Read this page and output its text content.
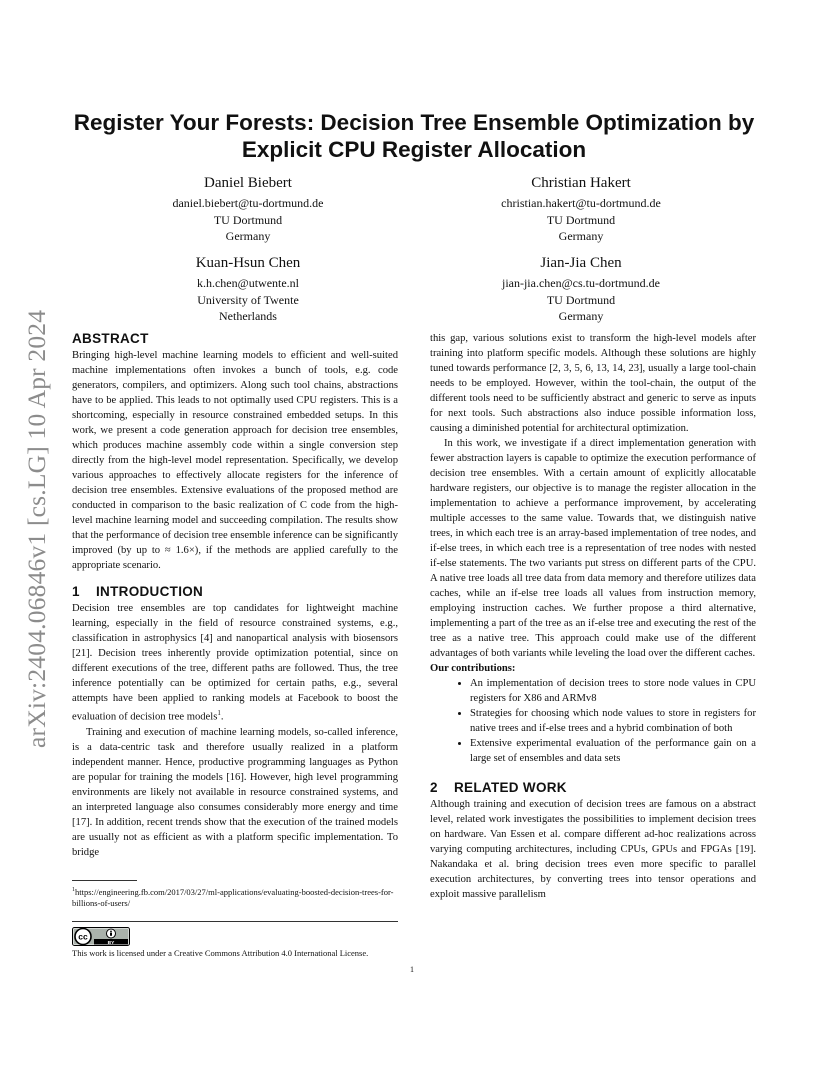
arXiv:2404.06846v1 [cs.LG] 10 Apr 2024
Register Your Forests: Decision Tree Ensemble Optimization by
Explicit CPU Register Allocation
Daniel Biebert
daniel.biebert@tu-dortmund.de
TU Dortmund
Germany
Christian Hakert
christian.hakert@tu-dortmund.de
TU Dortmund
Germany
Kuan-Hsun Chen
k.h.chen@utwente.nl
University of Twente
Netherlands
Jian-Jia Chen
jian-jia.chen@cs.tu-dortmund.de
TU Dortmund
Germany
ABSTRACT

Bringing high-level machine learning models to efficient and well-suited machine implementations often invokes a bunch of tools, e.g. code generators, compilers, and optimizers. Along such tool chains, abstractions have to be applied. This leads to not optimally used CPU registers. This is a shortcoming, especially in resource constrained embedded setups. In this work, we present a code generation approach for decision tree ensembles, which produces machine assembly code within a single conversion step directly from the high-level model representation. Specifically, we develop various approaches to effectively allocate registers for the inference of decision tree ensembles. Extensive evaluations of the proposed method are conducted in comparison to the basic realization of C code from the high-level machine learning model and succeeding compilation. The results show that the performance of decision tree ensemble inference can be significantly improved (by up to ≈ 1.6×), if the methods are applied carefully to the appropriate scenario.

1 INTRODUCTION

Decision tree ensembles are top candidates for lightweight machine learning, especially in the field of resource constrained systems, e.g., classification in astrophysics [4] and nanopartical analysis with biosensors [21]. Decision trees inherently provide optimization potential, since on different executions of the tree, different paths are followed. Thus, the tree inference potentially can be optimized for certain paths, e.g., several attempts have been applied to ranking models at Facebook to boost the evaluation of decision tree models$^1$.

Training and execution of machine learning models, so-called inference, is a data-centric task and therefore usually realized in a platform independent manner. Hence, productive programming languages as Python are popular for training the models [16]. However, high level programming environments are likely not available in resource constrained systems, and an interpreted language also consumes considerably more energy and time [17]. In addition, recent trends show that the execution of the trained models are usually not as efficient as with a platform specific implementation. To bridge

$^1$https://engineering.fb.com/2017/03/27/ml-applications/evaluating-boosted-decision-trees-for-billions-of-users/
cc
BY
This work is licensed under a Creative Commons Attribution 4.0 International License.

this gap, various solutions exist to transform the high-level models after training into platform specific models. Although these solutions are highly tuned towards performance [2, 3, 5, 6, 13, 14, 23], usually a large tool-chain needs to be employed. However, within the tool-chain, the output of the different tools need to be sufficiently abstract and generic to serve as inputs for next tools. Such abstractions also induce possible information loss, causing a diminished potential for architectural optimization.

In this work, we investigate if a direct implementation generation with fewer abstraction layers is capable to optimize the execution performance of decision tree ensembles. With a certain amount of explicitly allocatable hardware registers, our objective is to manage the register allocation in the implementation to achieve a performance improvement, by accelerating multiple accesses to the same value. Towards that, we distinguish native trees, in which each tree is an array-based implementation of tree nodes, and if-else trees, in which each tree is a representation of tree nodes with nested if-else statements. The two variants put stress on different parts of the CPU. A native tree loads all tree data from data memory and therefore utilizes data caches, while an if-else tree loads all values from instruction memory, employing instruction caches. We further propose a third alternative, implementing a part of the tree as an if-else tree and executing the rest of the tree as a native tree. This approach could make use of the different advantages of both variants while leveling the load over the different caches.

Our contributions:
• An implementation of decision trees to store node values in CPU registers for X86 and ARMv8
• Strategies for choosing which node values to store in registers for native trees and if-else trees and a hybrid combination of both
• Extensive experimental evaluation of the performance gain on a large set of ensembles and data sets
2 RELATED WORK

Although training and execution of decision trees are famous on a abstract level, related work investigates the possibilities to implement decision trees on hardware. Van Essen et al. compare different ad-hoc realizations across varying computing architectures, including CPUs, GPUs and FPGAs [19]. Nakandaka et al. bring decision trees even more specific to parallel execution architectures, by converting trees into tensor operations and exploit massive parallelism

1
